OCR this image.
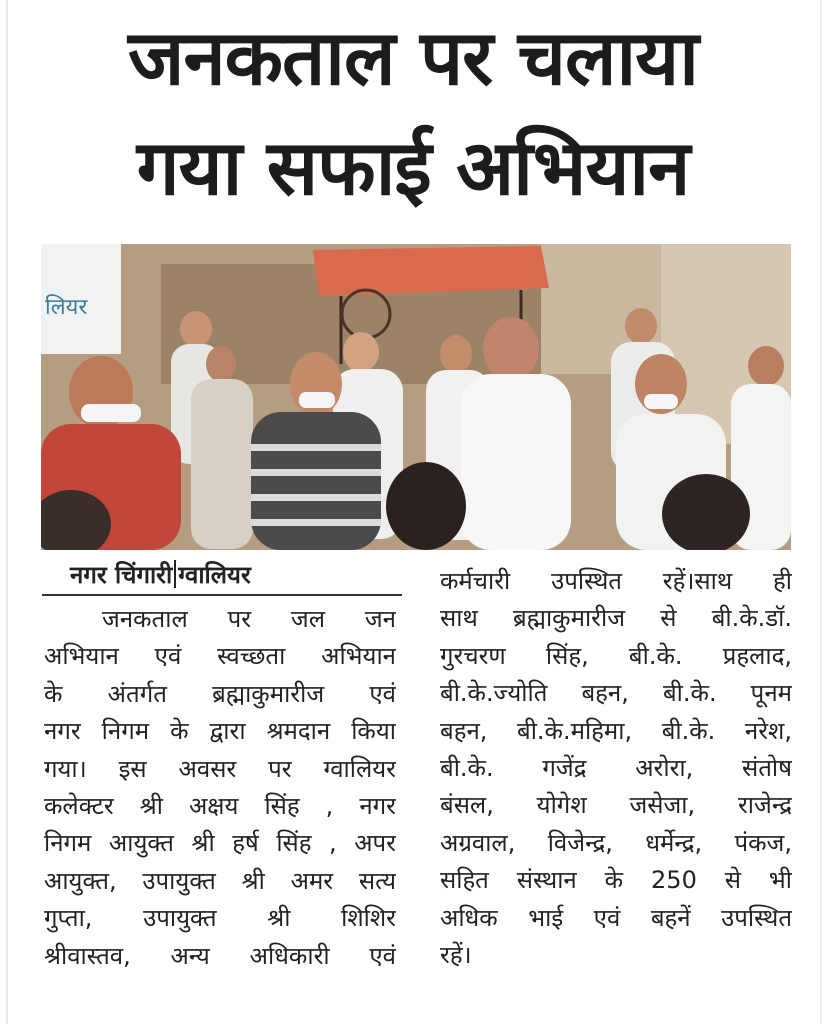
जनकताल पर चलाया
गया सफाई अभियान
लियर
नगर चिंगारी ग्वालियर

जनकताल पर जल जन

अभियान एवं स्वच्छता अभियान

के अंतर्गत ब्रह्माकुमारीज एवं

नगर निगम के द्वारा श्रमदान किया

गया। इस अवसर पर ग्वालियर

कलेक्टर श्री अक्षय सिंह , नगर

निगम आयुक्त श्री हर्ष सिंह , अपर

आयुक्त, उपायुक्त श्री अमर सत्य

गुप्ता, उपायुक्त श्री शिशिर

श्रीवास्तव, अन्य अधिकारी एवं

कर्मचारी उपस्थित रहें।साथ ही

साथ ब्रह्माकुमारीज से बी.के.डॉ.

गुरचरण सिंह, बी.के. प्रहलाद,

बी.के.ज्योति बहन, बी.के. पूनम

बहन, बी.के.महिमा, बी.के. नरेश,

बी.के. गजेंद्र अरोरा, संतोष

बंसल, योगेश जसेजा, राजेन्द्र

अग्रवाल, विजेन्द्र, धर्मेन्द्र, पंकज,

सहित संस्थान के 250 से भी

अधिक भाई एवं बहनें उपस्थित

रहें।
